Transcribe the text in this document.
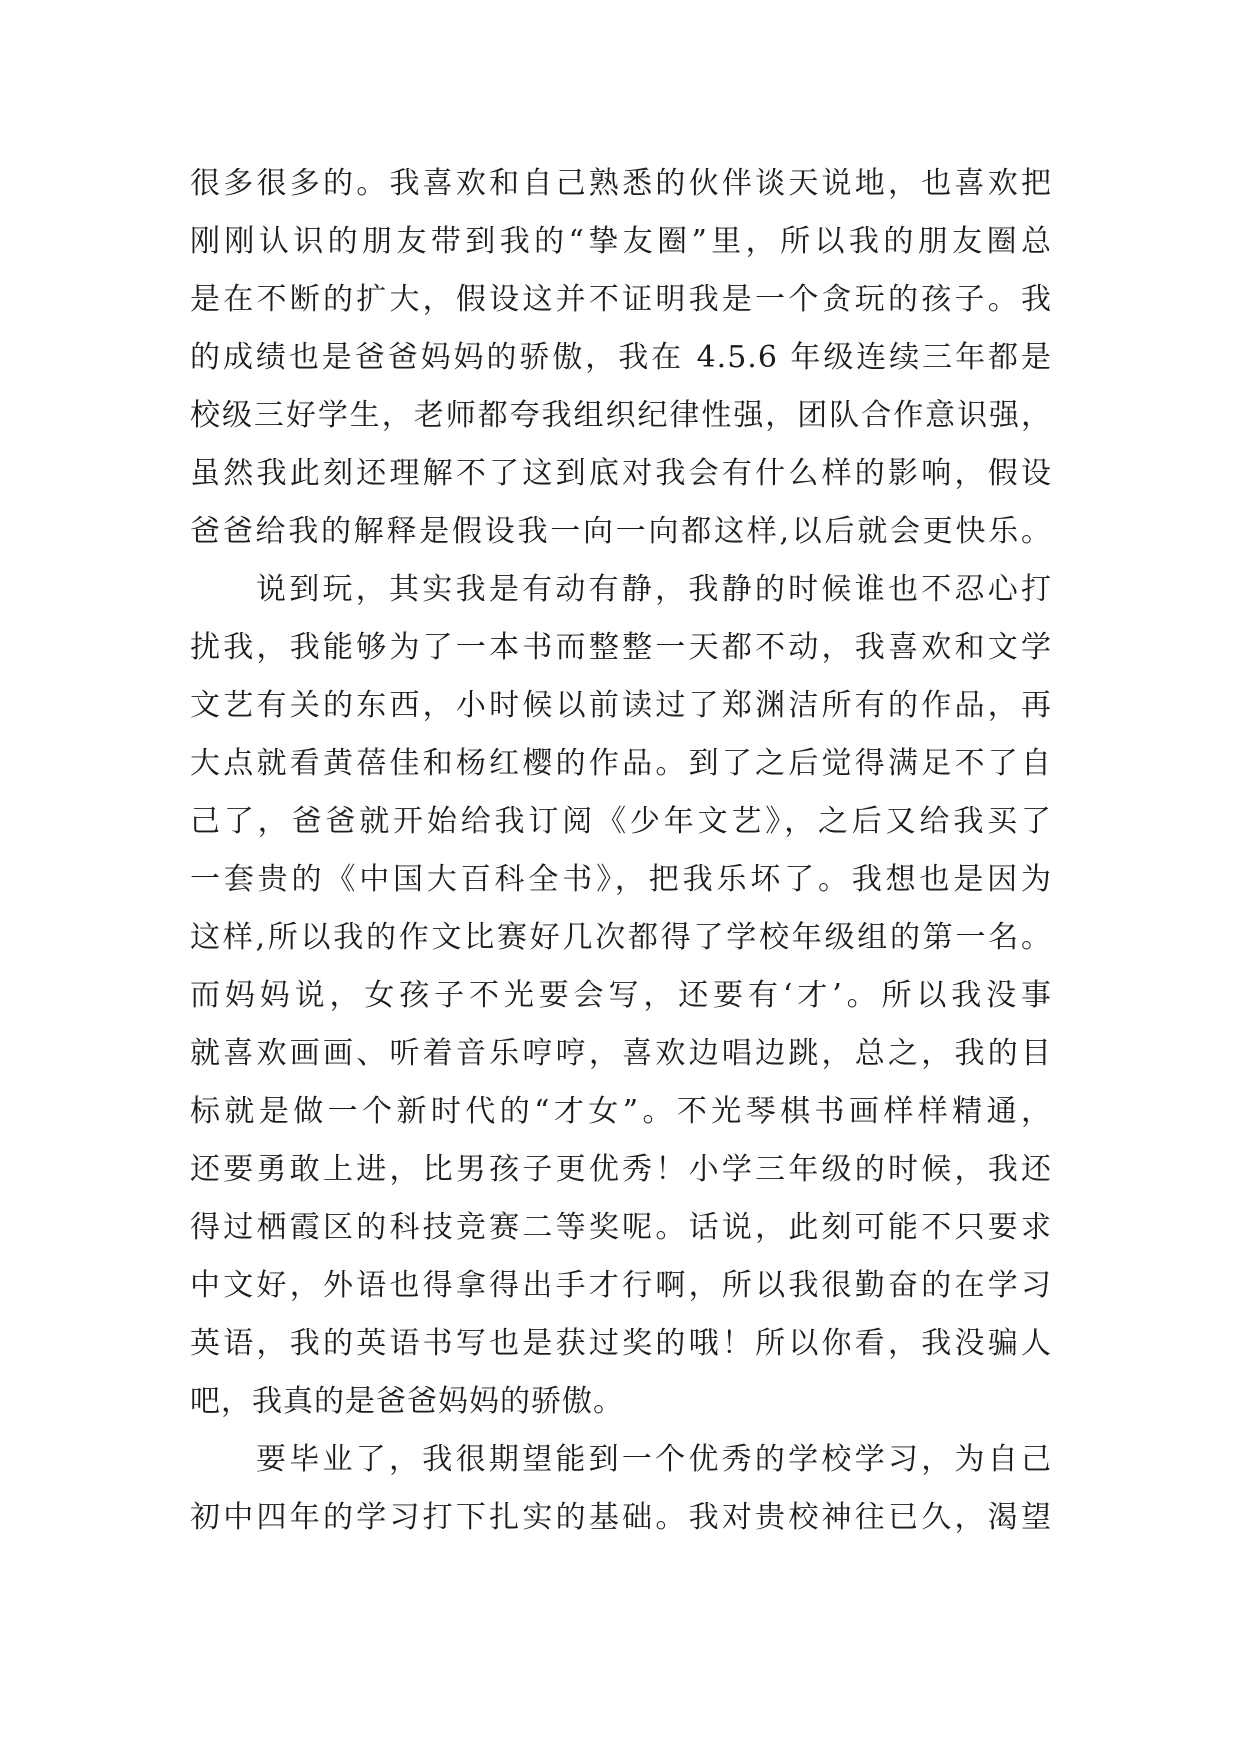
很多很多的。我喜欢和自己熟悉的伙伴谈天说地，也喜欢把
刚刚认识的朋友带到我的“挚友圈”里，所以我的朋友圈总
是在不断的扩大，假设这并不证明我是一个贪玩的孩子。我
的成绩也是爸爸妈妈的骄傲，我在 4.5.6 年级连续三年都是
校级三好学生，老师都夸我组织纪律性强，团队合作意识强，
虽然我此刻还理解不了这到底对我会有什么样的影响，假设
爸爸给我的解释是假设我一向一向都这样,以后就会更快乐。
说到玩，其实我是有动有静，我静的时候谁也不忍心打
扰我，我能够为了一本书而整整一天都不动，我喜欢和文学
文艺有关的东西，小时候以前读过了郑渊洁所有的作品，再
大点就看黄蓓佳和杨红樱的作品。到了之后觉得满足不了自
己了，爸爸就开始给我订阅《少年文艺》，之后又给我买了
一套贵的《中国大百科全书》，把我乐坏了。我想也是因为
这样,所以我的作文比赛好几次都得了学校年级组的第一名。
而妈妈说，女孩子不光要会写，还要有‘才’。所以我没事
就喜欢画画、听着音乐哼哼，喜欢边唱边跳，总之，我的目
标就是做一个新时代的“才女”。不光琴棋书画样样精通，
还要勇敢上进，比男孩子更优秀！小学三年级的时候，我还
得过栖霞区的科技竞赛二等奖呢。话说，此刻可能不只要求
中文好，外语也得拿得出手才行啊，所以我很勤奋的在学习
英语，我的英语书写也是获过奖的哦！所以你看，我没骗人
吧，我真的是爸爸妈妈的骄傲。
要毕业了，我很期望能到一个优秀的学校学习，为自己
初中四年的学习打下扎实的基础。我对贵校神往已久，渴望
